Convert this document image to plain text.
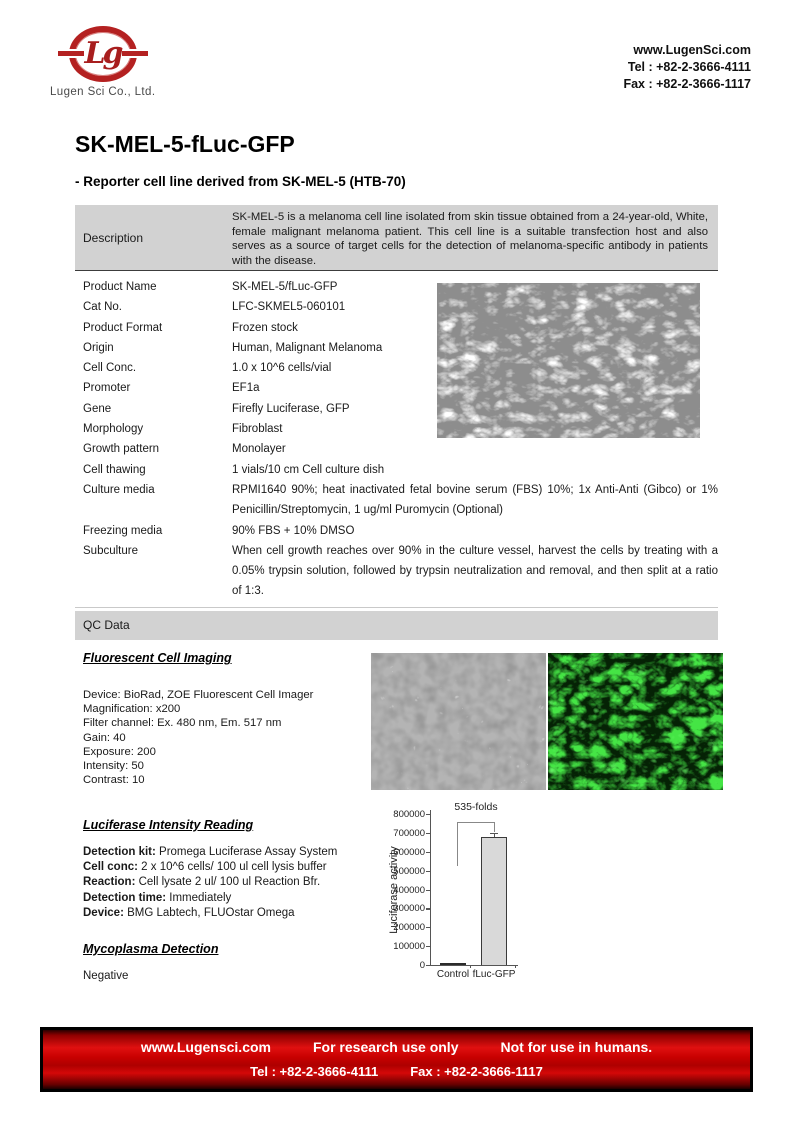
Lg
Lugen Sci Co., Ltd.
www.LugenSci.com
Tel : +82-2-3666-4111
Fax : +82-2-3666-1117
SK-MEL-5-fLuc-GFP
- Reporter cell line derived from SK-MEL-5 (HTB-70)
Description
SK-MEL-5 is a melanoma cell line isolated from skin tissue obtained from a 24-year-old, White, female malignant melanoma patient. This cell line is a suitable transfection host and also serves as a source of target cells for the detection of melanoma-specific antibody in patients with the disease.
Product Name	SK-MEL-5/fLuc-GFP
Cat No.	LFC-SKMEL5-060101
Product Format	Frozen stock
Origin	Human, Malignant Melanoma
Cell Conc.	1.0 x 10^6 cells/vial
Promoter	EF1a
Gene	Firefly Luciferase, GFP
Morphology	Fibroblast
Growth pattern	Monolayer
Cell thawing	1 vials/10 cm Cell culture dish
Culture media	RPMI1640 90%; heat inactivated fetal bovine serum (FBS) 10%; 1x Anti-Anti (Gibco) or 1% Penicillin/Streptomycin, 1 ug/ml Puromycin (Optional)
Freezing media	90% FBS + 10% DMSO
Subculture	When cell growth reaches over 90% in the culture vessel, harvest the cells by treating with a 0.05% trypsin solution, followed by trypsin neutralization and removal, and then split at a ratio of 1:3.
QC Data
Fluorescent Cell Imaging
Device: BioRad, ZOE Fluorescent Cell Imager
Magnification: x200
Filter channel: Ex. 480 nm, Em. 517 nm
Gain: 40
Exposure: 200
Intensity: 50
Contrast: 10
Luciferase Intensity Reading
Detection kit: Promega Luciferase Assay System
Cell conc: 2 x 10^6 cells/ 100 ul cell lysis buffer
Reaction: Cell lysate 2 ul/ 100 ul Reaction Bfr.
Detection time: Immediately
Device: BMG Labtech, FLUOstar Omega
Mycoplasma Detection
Negative
Luciferase activity
0
100000
200000
300000
400000
500000
600000
700000
800000
Control fLuc-GFP
535-folds
www.Lugensci.com	For research use only	Not for use in humans.
Tel : +82-2-3666-4111 Fax : +82-2-3666-1117
